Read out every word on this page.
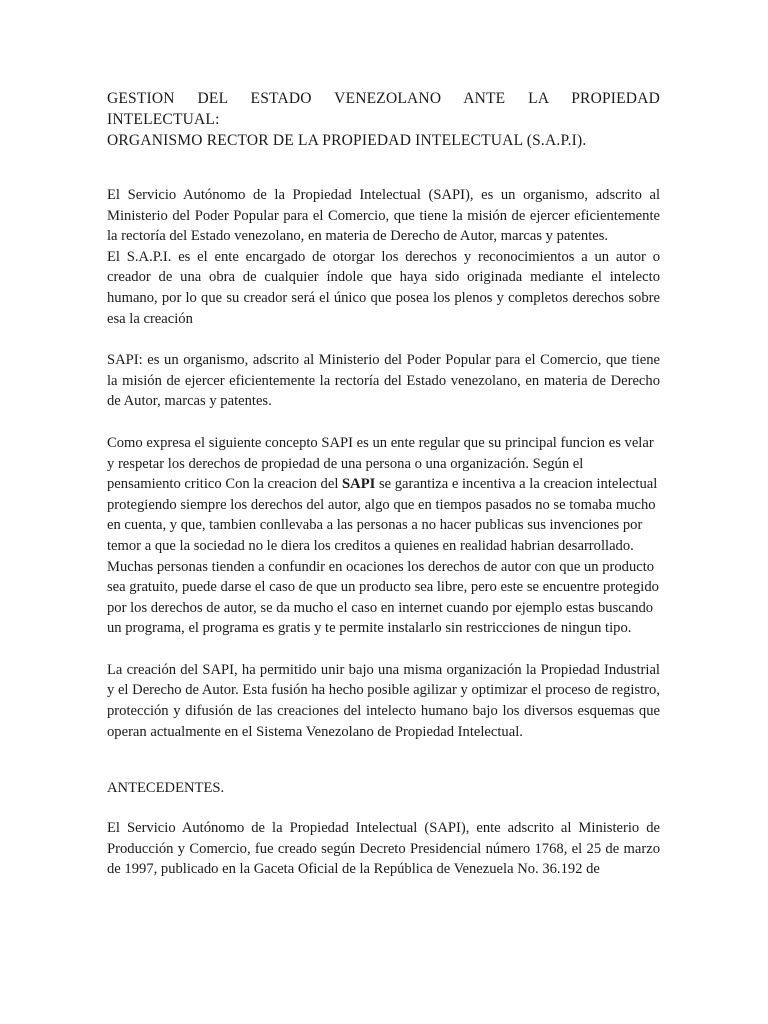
GESTION DEL ESTADO VENEZOLANO ANTE LA PROPIEDAD INTELECTUAL:
ORGANISMO RECTOR DE LA PROPIEDAD INTELECTUAL (S.A.P.I).

El Servicio Autónomo de la Propiedad Intelectual (SAPI), es un organismo, adscrito al Ministerio del Poder Popular para el Comercio, que tiene la misión de ejercer eficientemente la rectoría del Estado venezolano, en materia de Derecho de Autor, marcas y patentes.

El S.A.P.I. es el ente encargado de otorgar los derechos y reconocimientos a un autor o creador de una obra de cualquier índole que haya sido originada mediante el intelecto humano, por lo que su creador será el único que posea los plenos y completos derechos sobre esa la creación

SAPI: es un organismo, adscrito al Ministerio del Poder Popular para el Comercio, que tiene la misión de ejercer eficientemente la rectoría del Estado venezolano, en materia de Derecho de Autor, marcas y patentes.

Como expresa el siguiente concepto SAPI es un ente regular que su principal funcion es velar y respetar los derechos de propiedad de una persona o una organización. Según el pensamiento critico Con la creacion del SAPI se garantiza e incentiva a la creacion intelectual protegiendo siempre los derechos del autor, algo que en tiempos pasados no se tomaba mucho en cuenta, y que, tambien conllevaba a las personas a no hacer publicas sus invenciones por temor a que la sociedad no le diera los creditos a quienes en realidad habrian desarrollado. Muchas personas tienden a confundir en ocaciones los derechos de autor con que un producto sea gratuito, puede darse el caso de que un producto sea libre, pero este se encuentre protegido por los derechos de autor, se da mucho el caso en internet cuando por ejemplo estas buscando un programa, el programa es gratis y te permite instalarlo sin restricciones de ningun tipo.

La creación del SAPI, ha permitido unir bajo una misma organización la Propiedad Industrial y el Derecho de Autor. Esta fusión ha hecho posible agilizar y optimizar el proceso de registro, protección y difusión de las creaciones del intelecto humano bajo los diversos esquemas que operan actualmente en el Sistema Venezolano de Propiedad Intelectual.

ANTECEDENTES.

El Servicio Autónomo de la Propiedad Intelectual (SAPI), ente adscrito al Ministerio de Producción y Comercio, fue creado según Decreto Presidencial número 1768, el 25 de marzo de 1997, publicado en la Gaceta Oficial de la República de Venezuela No. 36.192 de
